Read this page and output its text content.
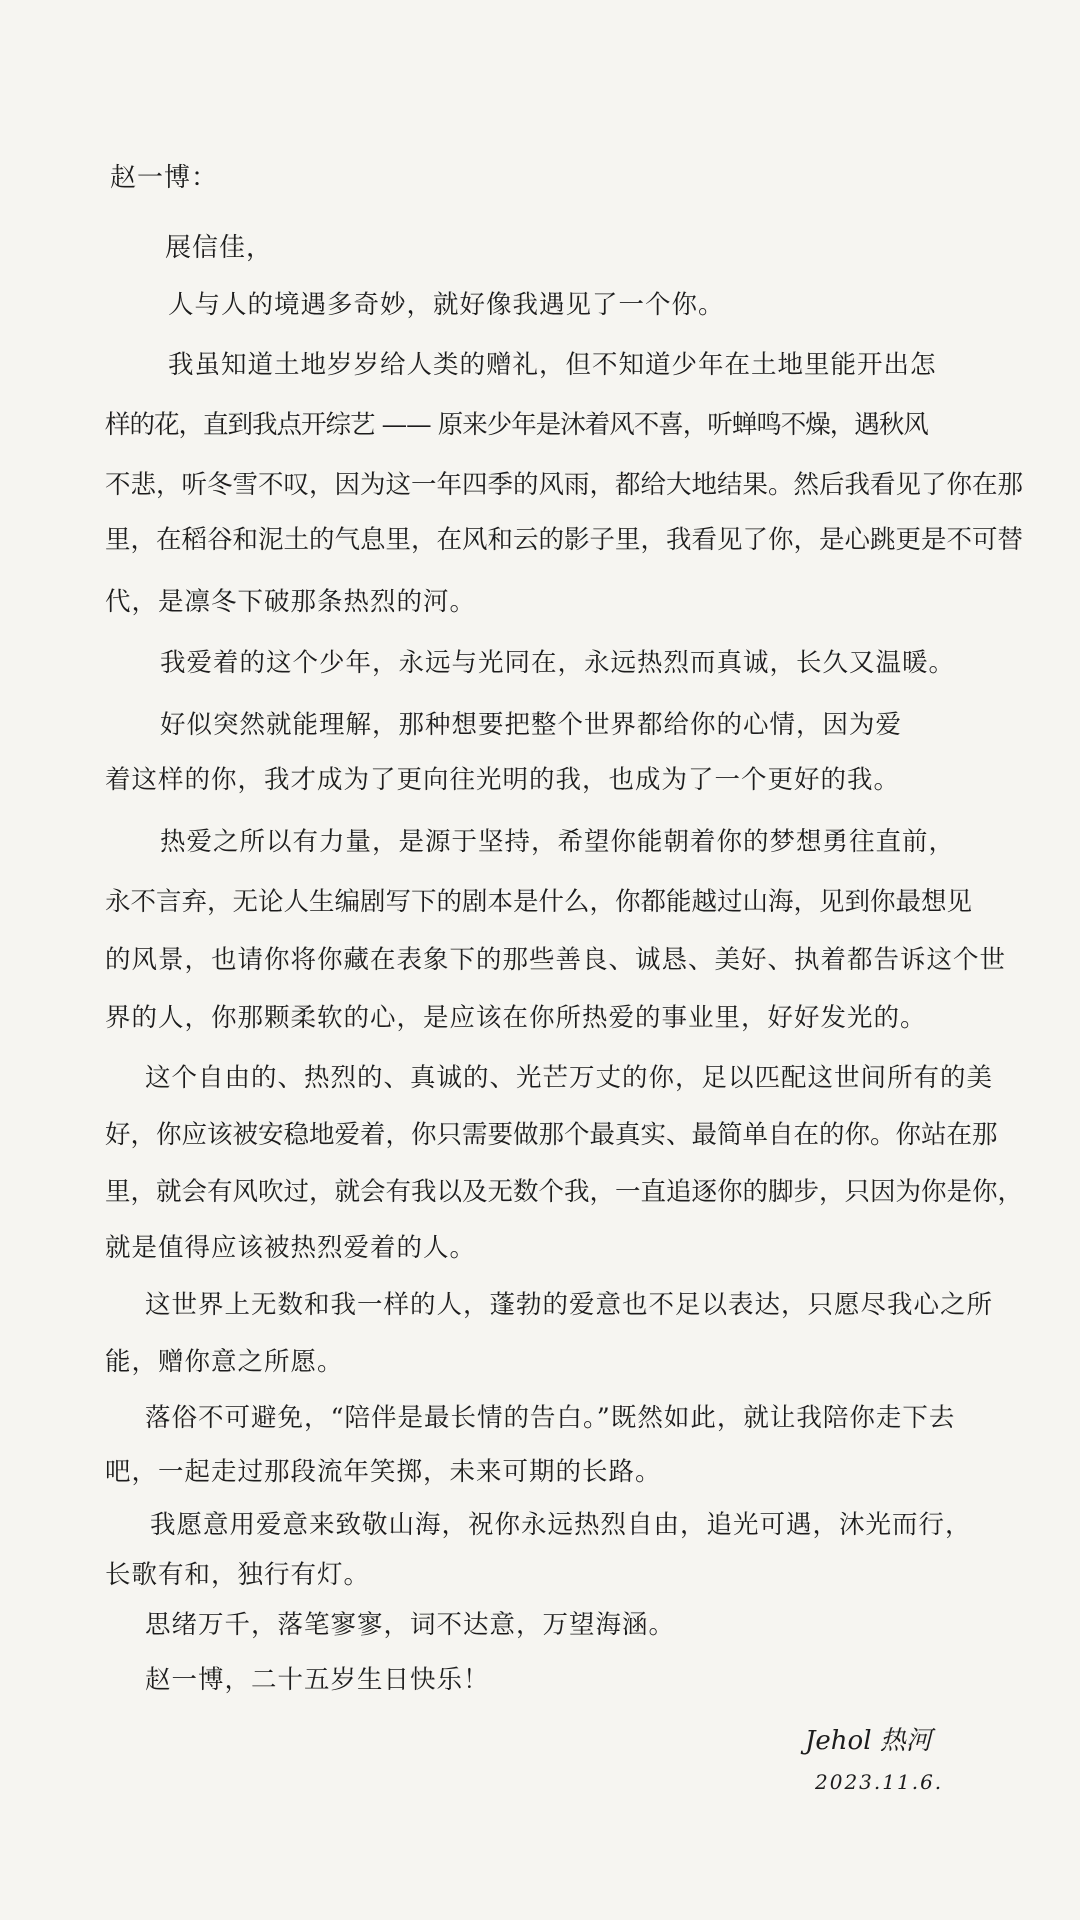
赵一博：
展信佳，
人与人的境遇多奇妙，就好像我遇见了一个你。
我虽知道土地岁岁给人类的赠礼，但不知道少年在土地里能开出怎
样的花，直到我点开综艺 —— 原来少年是沐着风不喜，听蝉鸣不燥，遇秋风
不悲，听冬雪不叹，因为这一年四季的风雨，都给大地结果。然后我看见了你在那
里，在稻谷和泥土的气息里，在风和云的影子里，我看见了你，是心跳更是不可替
代，是凛冬下破那条热烈的河。
我爱着的这个少年，永远与光同在，永远热烈而真诚，长久又温暖。
好似突然就能理解，那种想要把整个世界都给你的心情，因为爱
着这样的你，我才成为了更向往光明的我，也成为了一个更好的我。
热爱之所以有力量，是源于坚持，希望你能朝着你的梦想勇往直前，
永不言弃，无论人生编剧写下的剧本是什么，你都能越过山海，见到你最想见
的风景，也请你将你藏在表象下的那些善良、诚恳、美好、执着都告诉这个世
界的人，你那颗柔软的心，是应该在你所热爱的事业里，好好发光的。
这个自由的、热烈的、真诚的、光芒万丈的你，足以匹配这世间所有的美
好，你应该被安稳地爱着，你只需要做那个最真实、最简单自在的你。你站在那
里，就会有风吹过，就会有我以及无数个我，一直追逐你的脚步，只因为你是你，
就是值得应该被热烈爱着的人。
这世界上无数和我一样的人，蓬勃的爱意也不足以表达，只愿尽我心之所
能，赠你意之所愿。
落俗不可避免，“陪伴是最长情的告白。”既然如此，就让我陪你走下去
吧，一起走过那段流年笑掷，未来可期的长路。
我愿意用爱意来致敬山海，祝你永远热烈自由，追光可遇，沐光而行，
长歌有和，独行有灯。
思绪万千，落笔寥寥，词不达意，万望海涵。
赵一博，二十五岁生日快乐！
Jehol 热河
2023.11.6.
